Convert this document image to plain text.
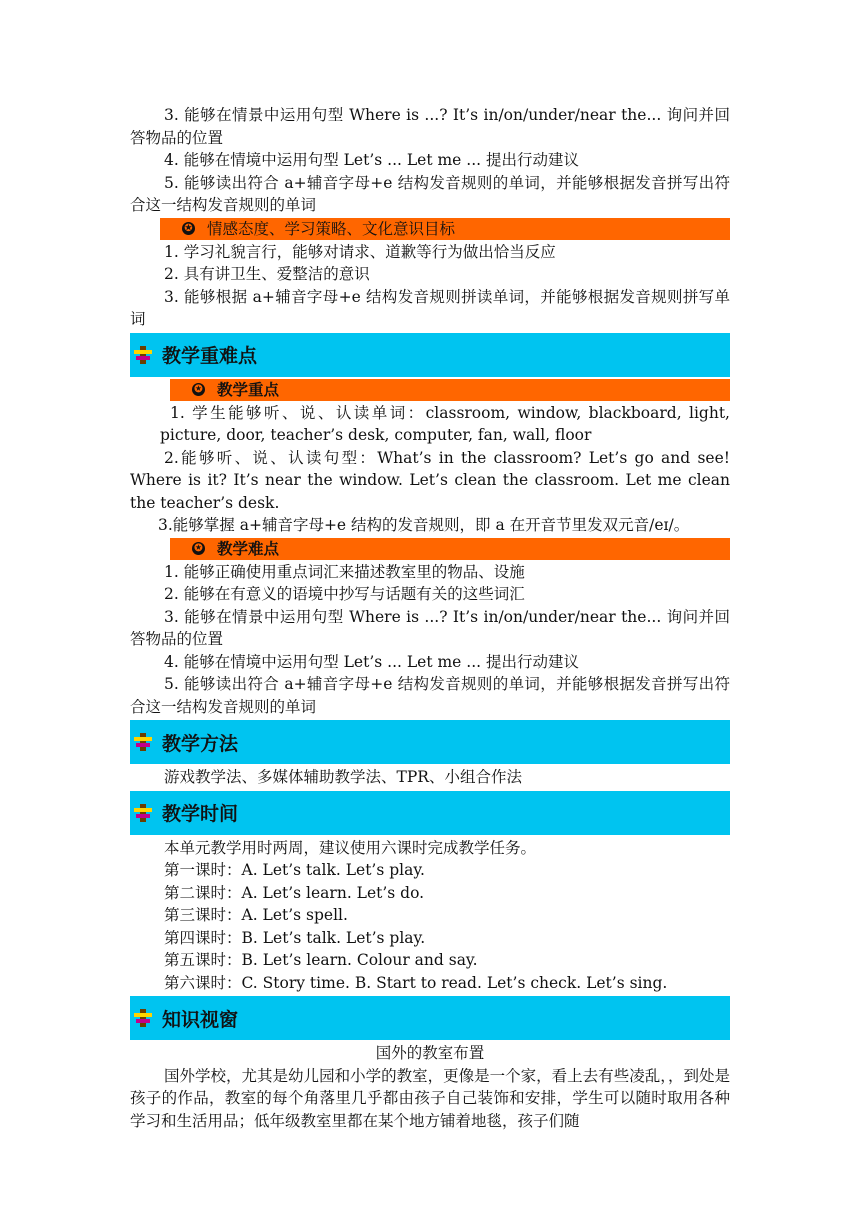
3. 能够在情景中运用句型 Where is ...? It’s in/on/under/near the... 询问并回答物品的位置

4. 能够在情境中运用句型 Let’s ... Let me ... 提出行动建议

5. 能够读出符合 a+辅音字母+e 结构发音规则的单词，并能够根据发音拼写出符合这一结构发音规则的单词

✪ 情感态度、学习策略、文化意识目标

1. 学习礼貌言行，能够对请求、道歉等行为做出恰当反应

2. 具有讲卫生、爱整洁的意识

3. 能够根据 a+辅音字母+e 结构发音规则拼读单词，并能够根据发音规则拼写单词

教学重难点
✪ 教学重点

1. 学生能够听、说、认读单词：classroom, window, blackboard, light, picture, door, teacher’s desk, computer, fan, wall, floor

2.能够听、说、认读句型：What’s in the classroom? Let’s go and see! Where is it? It’s near the window. Let’s clean the classroom. Let me clean the teacher’s desk.

3.能够掌握 a+辅音字母+e 结构的发音规则，即 a 在开音节里发双元音/eɪ/。

✪ 教学难点

1. 能够正确使用重点词汇来描述教室里的物品、设施

2. 能够在有意义的语境中抄写与话题有关的这些词汇

3. 能够在情景中运用句型 Where is ...? It’s in/on/under/near the... 询问并回答物品的位置

4. 能够在情境中运用句型 Let’s ... Let me ... 提出行动建议

5. 能够读出符合 a+辅音字母+e 结构发音规则的单词，并能够根据发音拼写出符合这一结构发音规则的单词

教学方法

游戏教学法、多媒体辅助教学法、TPR、小组合作法

教学时间

本单元教学用时两周，建议使用六课时完成教学任务。

第一课时：A. Let’s talk. Let’s play.

第二课时：A. Let’s learn. Let’s do.

第三课时：A. Let’s spell.

第四课时：B. Let’s talk. Let’s play.

第五课时：B. Let’s learn. Colour and say.

第六课时：C. Story time. B. Start to read. Let’s check. Let’s sing.

知识视窗

国外的教室布置

国外学校，尤其是幼儿园和小学的教室，更像是一个家，看上去有些凌乱，，到处是孩子的作品，教室的每个角落里几乎都由孩子自己装饰和安排，学生可以随时取用各种学习和生活用品；低年级教室里都在某个地方铺着地毯，孩子们随
